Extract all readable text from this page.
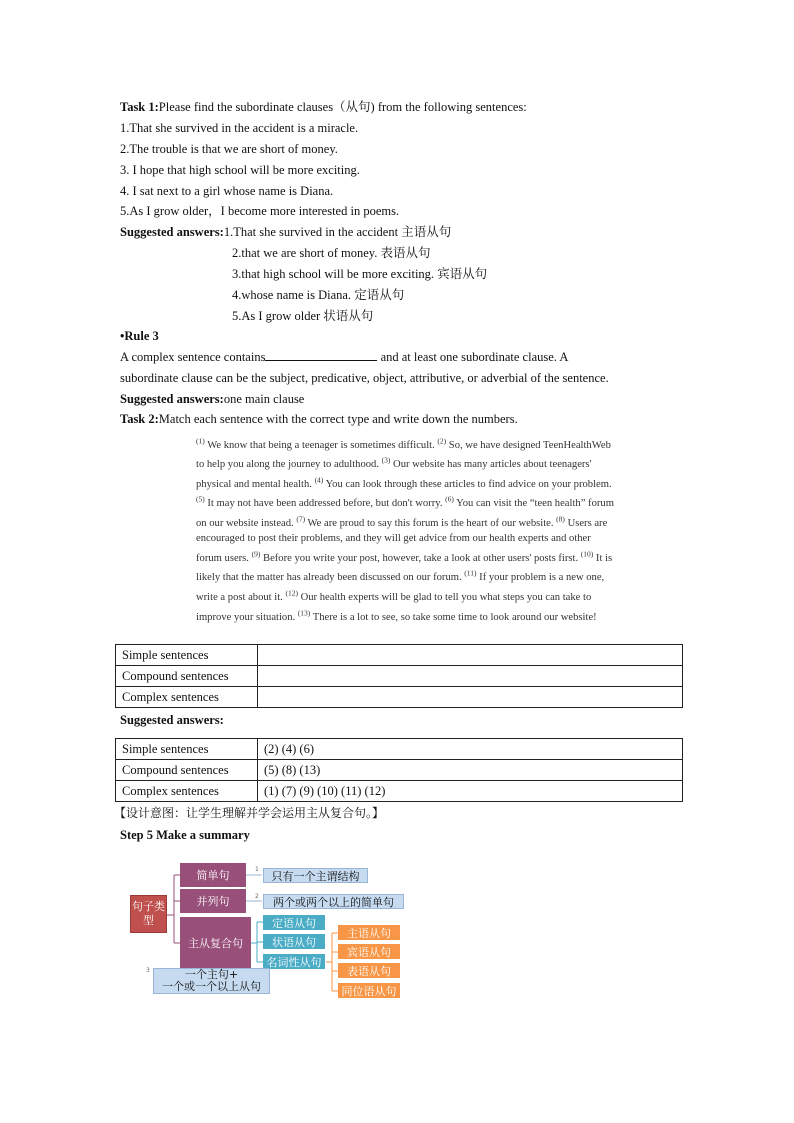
Task 1:Please find the subordinate clauses（从句) from the following sentences:
1.That she survived in the accident is a miracle.
2.The trouble is that we are short of money.
3. I hope that high school will be more exciting.
4. I sat next to a girl whose name is Diana.
5.As I grow older，I become more interested in poems.
Suggested answers:1.That she survived in the accident 主语从句
2.that we are short of money. 表语从句
3.that high school will be more exciting. 宾语从句
4.whose name is Diana. 定语从句
5.As I grow older 状语从句
•Rule 3
A complex sentence contains	and at least one subordinate clause. A
subordinate clause can be the subject, predicative, object, attributive, or adverbial of the sentence.
Suggested answers:one main clause
Task 2:Match each sentence with the correct type and write down the numbers.
$^{(1)}$ We know that being a teenager is sometimes difficult. $^{(2)}$ So, we have designed TeenHealthWeb to help you along the journey to adulthood. $^{(3)}$ Our website has many articles about teenagers' physical and mental health. $^{(4)}$ You can look through these articles to find advice on your problem. $^{(5)}$ It may not have been addressed before, but don't worry. $^{(6)}$ You can visit the “teen health” forum on our website instead. $^{(7)}$ We are proud to say this forum is the heart of our website. $^{(8)}$ Users are encouraged to post their problems, and they will get advice from our health experts and other forum users. $^{(9)}$ Before you write your post, however, take a look at other users' posts first. $^{(10)}$ It is likely that the matter has already been discussed on our forum. $^{(11)}$ If your problem is a new one, write a post about it. $^{(12)}$ Our health experts will be glad to tell you what steps you can take to improve your situation. $^{(13)}$ There is a lot to see, so take some time to look around our website!
Simple sentences	
Compound sentences	
Complex sentences	
Suggested answers:
Simple sentences	(2) (4) (6)
Compound sentences	(5) (8) (13)
Complex sentences	(1) (7) (9) (10) (11) (12)
【设计意图：让学生理解并学会运用主从复合句。】
Step 5 Make a summary
句子类型
简单句
并列句
主从复合句
1
2
3
只有一个主谓结构
两个或两个以上的简单句
定语从句
状语从句
名词性从句
主语从句
宾语从句
表语从句
同位语从句
一个主句+
一个或一个以上从句
